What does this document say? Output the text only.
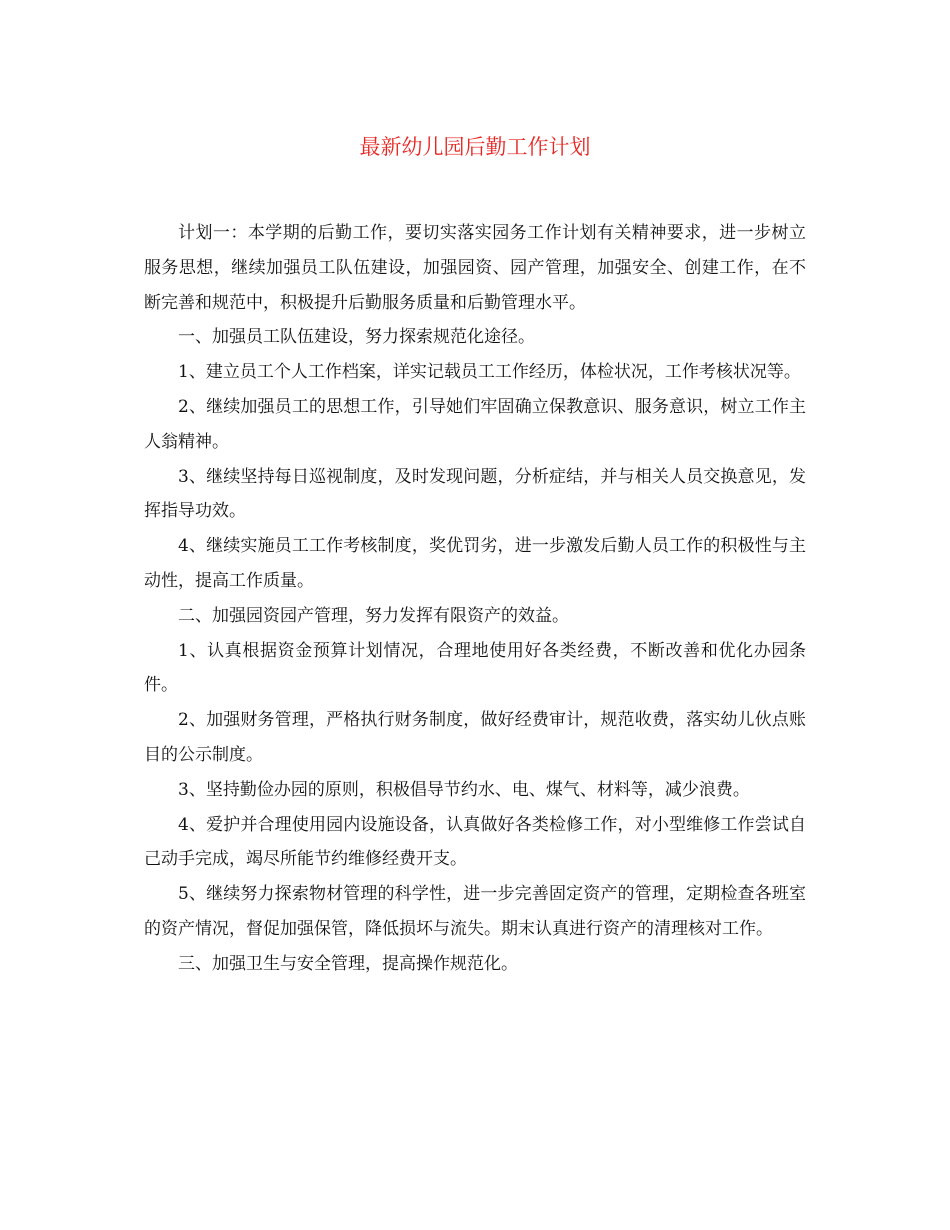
最新幼儿园后勤工作计划

计划一：本学期的后勤工作，要切实落实园务工作计划有关精神要求，进一步树立服务思想，继续加强员工队伍建设，加强园资、园产管理，加强安全、创建工作，在不断完善和规范中，积极提升后勤服务质量和后勤管理水平。

一、加强员工队伍建设，努力探索规范化途径。

1、建立员工个人工作档案，详实记载员工工作经历，体检状况，工作考核状况等。

2、继续加强员工的思想工作，引导她们牢固确立保教意识、服务意识，树立工作主人翁精神。

3、继续坚持每日巡视制度，及时发现问题，分析症结，并与相关人员交换意见，发挥指导功效。

4、继续实施员工工作考核制度，奖优罚劣，进一步激发后勤人员工作的积极性与主动性，提高工作质量。

二、加强园资园产管理，努力发挥有限资产的效益。

1、认真根据资金预算计划情况，合理地使用好各类经费，不断改善和优化办园条件。

2、加强财务管理，严格执行财务制度，做好经费审计，规范收费，落实幼儿伙点账目的公示制度。

3、坚持勤俭办园的原则，积极倡导节约水、电、煤气、材料等，减少浪费。

4、爱护并合理使用园内设施设备，认真做好各类检修工作，对小型维修工作尝试自己动手完成，竭尽所能节约维修经费开支。

5、继续努力探索物材管理的科学性，进一步完善固定资产的管理，定期检查各班室的资产情况，督促加强保管，降低损坏与流失。期末认真进行资产的清理核对工作。

三、加强卫生与安全管理，提高操作规范化。
